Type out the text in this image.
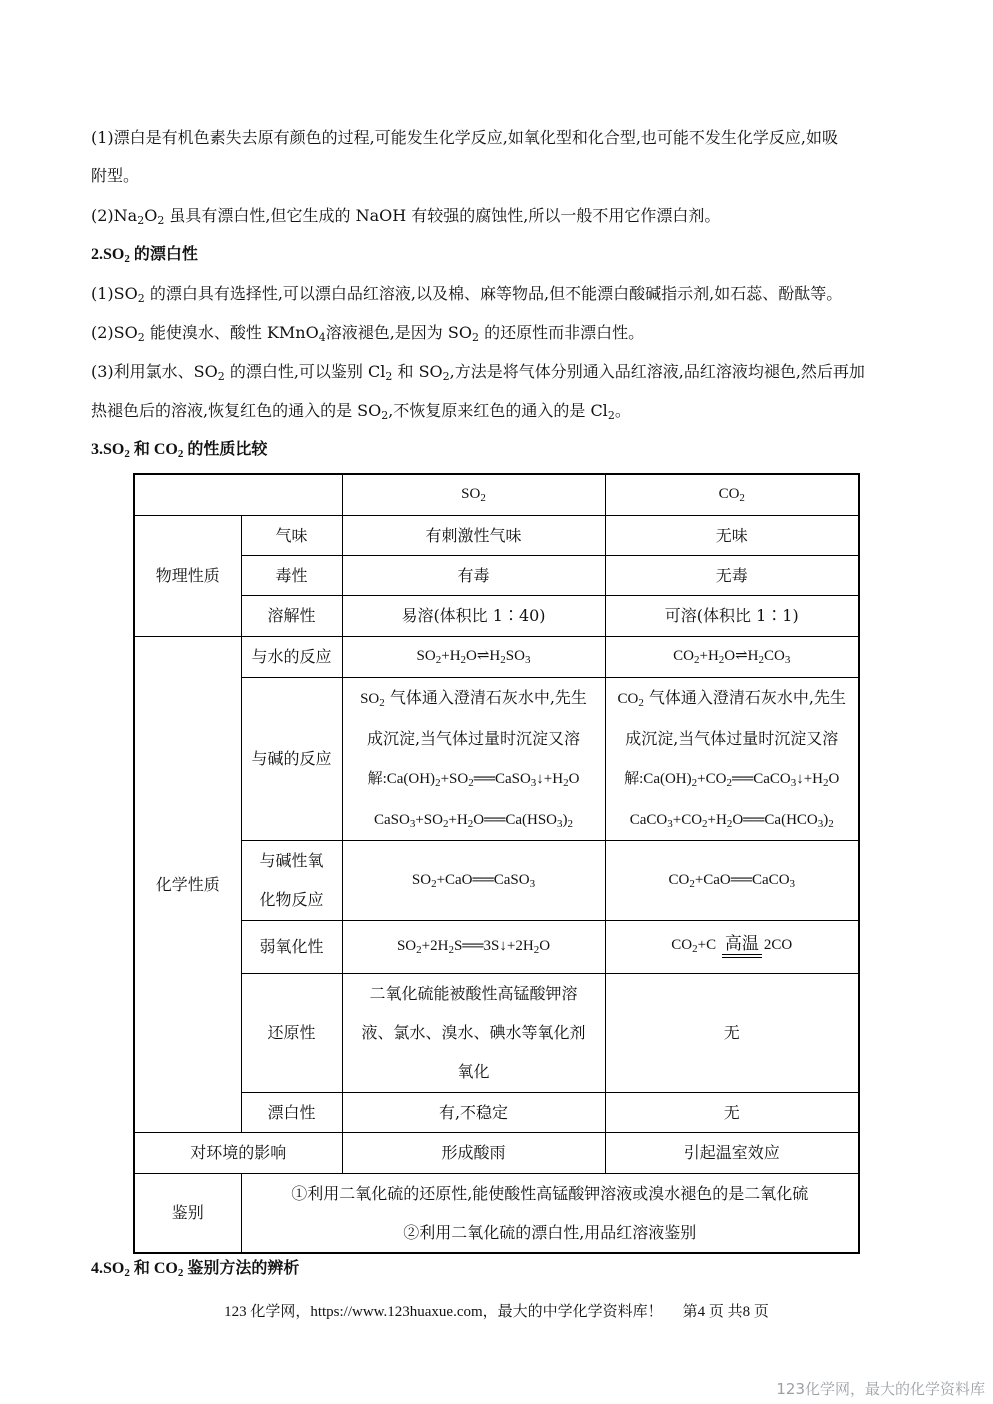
(1)漂白是有机色素失去原有颜色的过程,可能发生化学反应,如氧化型和化合型,也可能不发生化学反应,如吸
附型。
$(2)Na_2O_2$ 虽具有漂白性,但它生成的 NaOH 有较强的腐蚀性,所以一般不用它作漂白剂。
$2.SO_2$ 的漂白性
$(1)SO_2$ 的漂白具有选择性,可以漂白品红溶液,以及棉、麻等物品,但不能漂白酸碱指示剂,如石蕊、酚酞等。
$(2)SO_2$ 能使溴水、酸性 KMnO$_4$溶液褪色,是因为 $SO_2$ 的还原性而非漂白性。
(3)利用氯水、$SO_2$ 的漂白性,可以鉴别 $Cl_2$ 和 $SO_2$,方法是将气体分别通入品红溶液,品红溶液均褪色,然后再加
热褪色后的溶液,恢复红色的通入的是 $SO_2$,不恢复原来红色的通入的是 $Cl_2$。
$3.SO_2$ 和 $CO_2$ 的性质比较
		$SO_2$	$CO_2$
物理性质	气味	有刺激性气味	无味
	毒性	有毒	无毒
	溶解性	易溶(体积比 1∶40)	可溶(体积比 1∶1)
化学性质	与水的反应	$SO_2+H_2O\rightleftharpoons H_2SO_3$	$CO_2+H_2O\rightleftharpoons H_2CO_3$
	与碱的反应	$SO_2$ 气体通入澄清石灰水中,先生
成沉淀,当气体过量时沉淀又溶
解$:Ca(OH)_2+SO_2══CaSO_3↓+H_2O$
$CaSO_3+SO_2+H_2O══Ca(HSO_3)_2$	$CO_2$ 气体通入澄清石灰水中,先生
成沉淀,当气体过量时沉淀又溶
解$:Ca(OH)_2+CO_2══CaCO_3↓+H_2O$
$CaCO_3+CO_2+H_2O══Ca(HCO_3)_2$
	与碱性氧
化物反应	$SO_2+CaO══CaSO_3$	$CO_2+CaO══CaCO_3$
	弱氧化性	$SO_2+2H_2S══3S↓+2H_2O$	$CO_2+C$ 高温 2CO
	还原性	二氧化硫能被酸性高锰酸钾溶
液、氯水、溴水、碘水等氧化剂
氧化	无
	漂白性	有,不稳定	无
对环境的影响		形成酸雨	引起温室效应
鉴别	①利用二氧化硫的还原性,能使酸性高锰酸钾溶液或溴水褪色的是二氧化硫
②利用二氧化硫的漂白性,用品红溶液鉴别		
$4.SO_2$ 和 $CO_2$ 鉴别方法的辨析
123 化学网，https://www.123huaxue.com，最大的中学化学资料库！ 第4 页 共8 页
123化学网，最大的化学资料库
